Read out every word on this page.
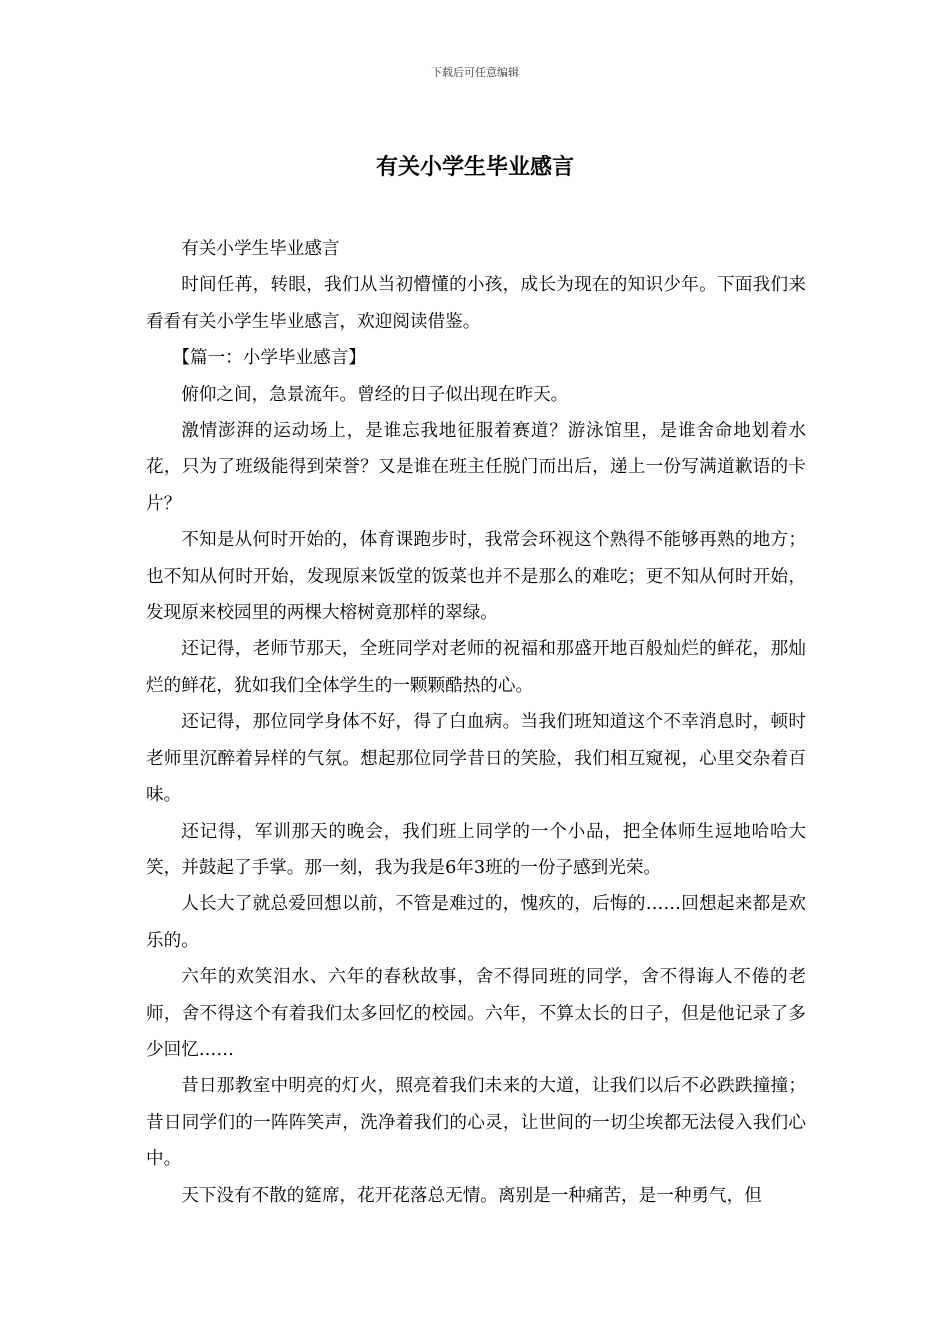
下载后可任意编辑
有关小学生毕业感言

有关小学生毕业感言

时间任苒，转眼，我们从当初懵懂的小孩，成长为现在的知识少年。下面我们来看看有关小学生毕业感言，欢迎阅读借鉴。

【篇一：小学毕业感言】

俯仰之间，急景流年。曾经的日子似出现在昨天。

激情澎湃的运动场上，是谁忘我地征服着赛道？游泳馆里，是谁舍命地划着水花，只为了班级能得到荣誉？又是谁在班主任脱门而出后，递上一份写满道歉语的卡片？

不知是从何时开始的，体育课跑步时，我常会环视这个熟得不能够再熟的地方；也不知从何时开始，发现原来饭堂的饭菜也并不是那么的难吃；更不知从何时开始，发现原来校园里的两棵大榕树竟那样的翠绿。

还记得，老师节那天，全班同学对老师的祝福和那盛开地百般灿烂的鲜花，那灿烂的鲜花，犹如我们全体学生的一颗颗酷热的心。

还记得，那位同学身体不好，得了白血病。当我们班知道这个不幸消息时，顿时老师里沉醉着异样的气氛。想起那位同学昔日的笑脸，我们相互窥视，心里交杂着百味。

还记得，军训那天的晚会，我们班上同学的一个小品，把全体师生逗地哈哈大笑，并鼓起了手掌。那一刻，我为我是6年3班的一份子感到光荣。

人长大了就总爱回想以前，不管是难过的，愧疚的，后悔的……回想起来都是欢乐的。

六年的欢笑泪水、六年的春秋故事，舍不得同班的同学，舍不得诲人不倦的老师，舍不得这个有着我们太多回忆的校园。六年，不算太长的日子，但是他记录了多少回忆……

昔日那教室中明亮的灯火，照亮着我们未来的大道，让我们以后不必跌跌撞撞；昔日同学们的一阵阵笑声，洗净着我们的心灵，让世间的一切尘埃都无法侵入我们心中。

天下没有不散的筵席，花开花落总无情。离别是一种痛苦，是一种勇气，但
